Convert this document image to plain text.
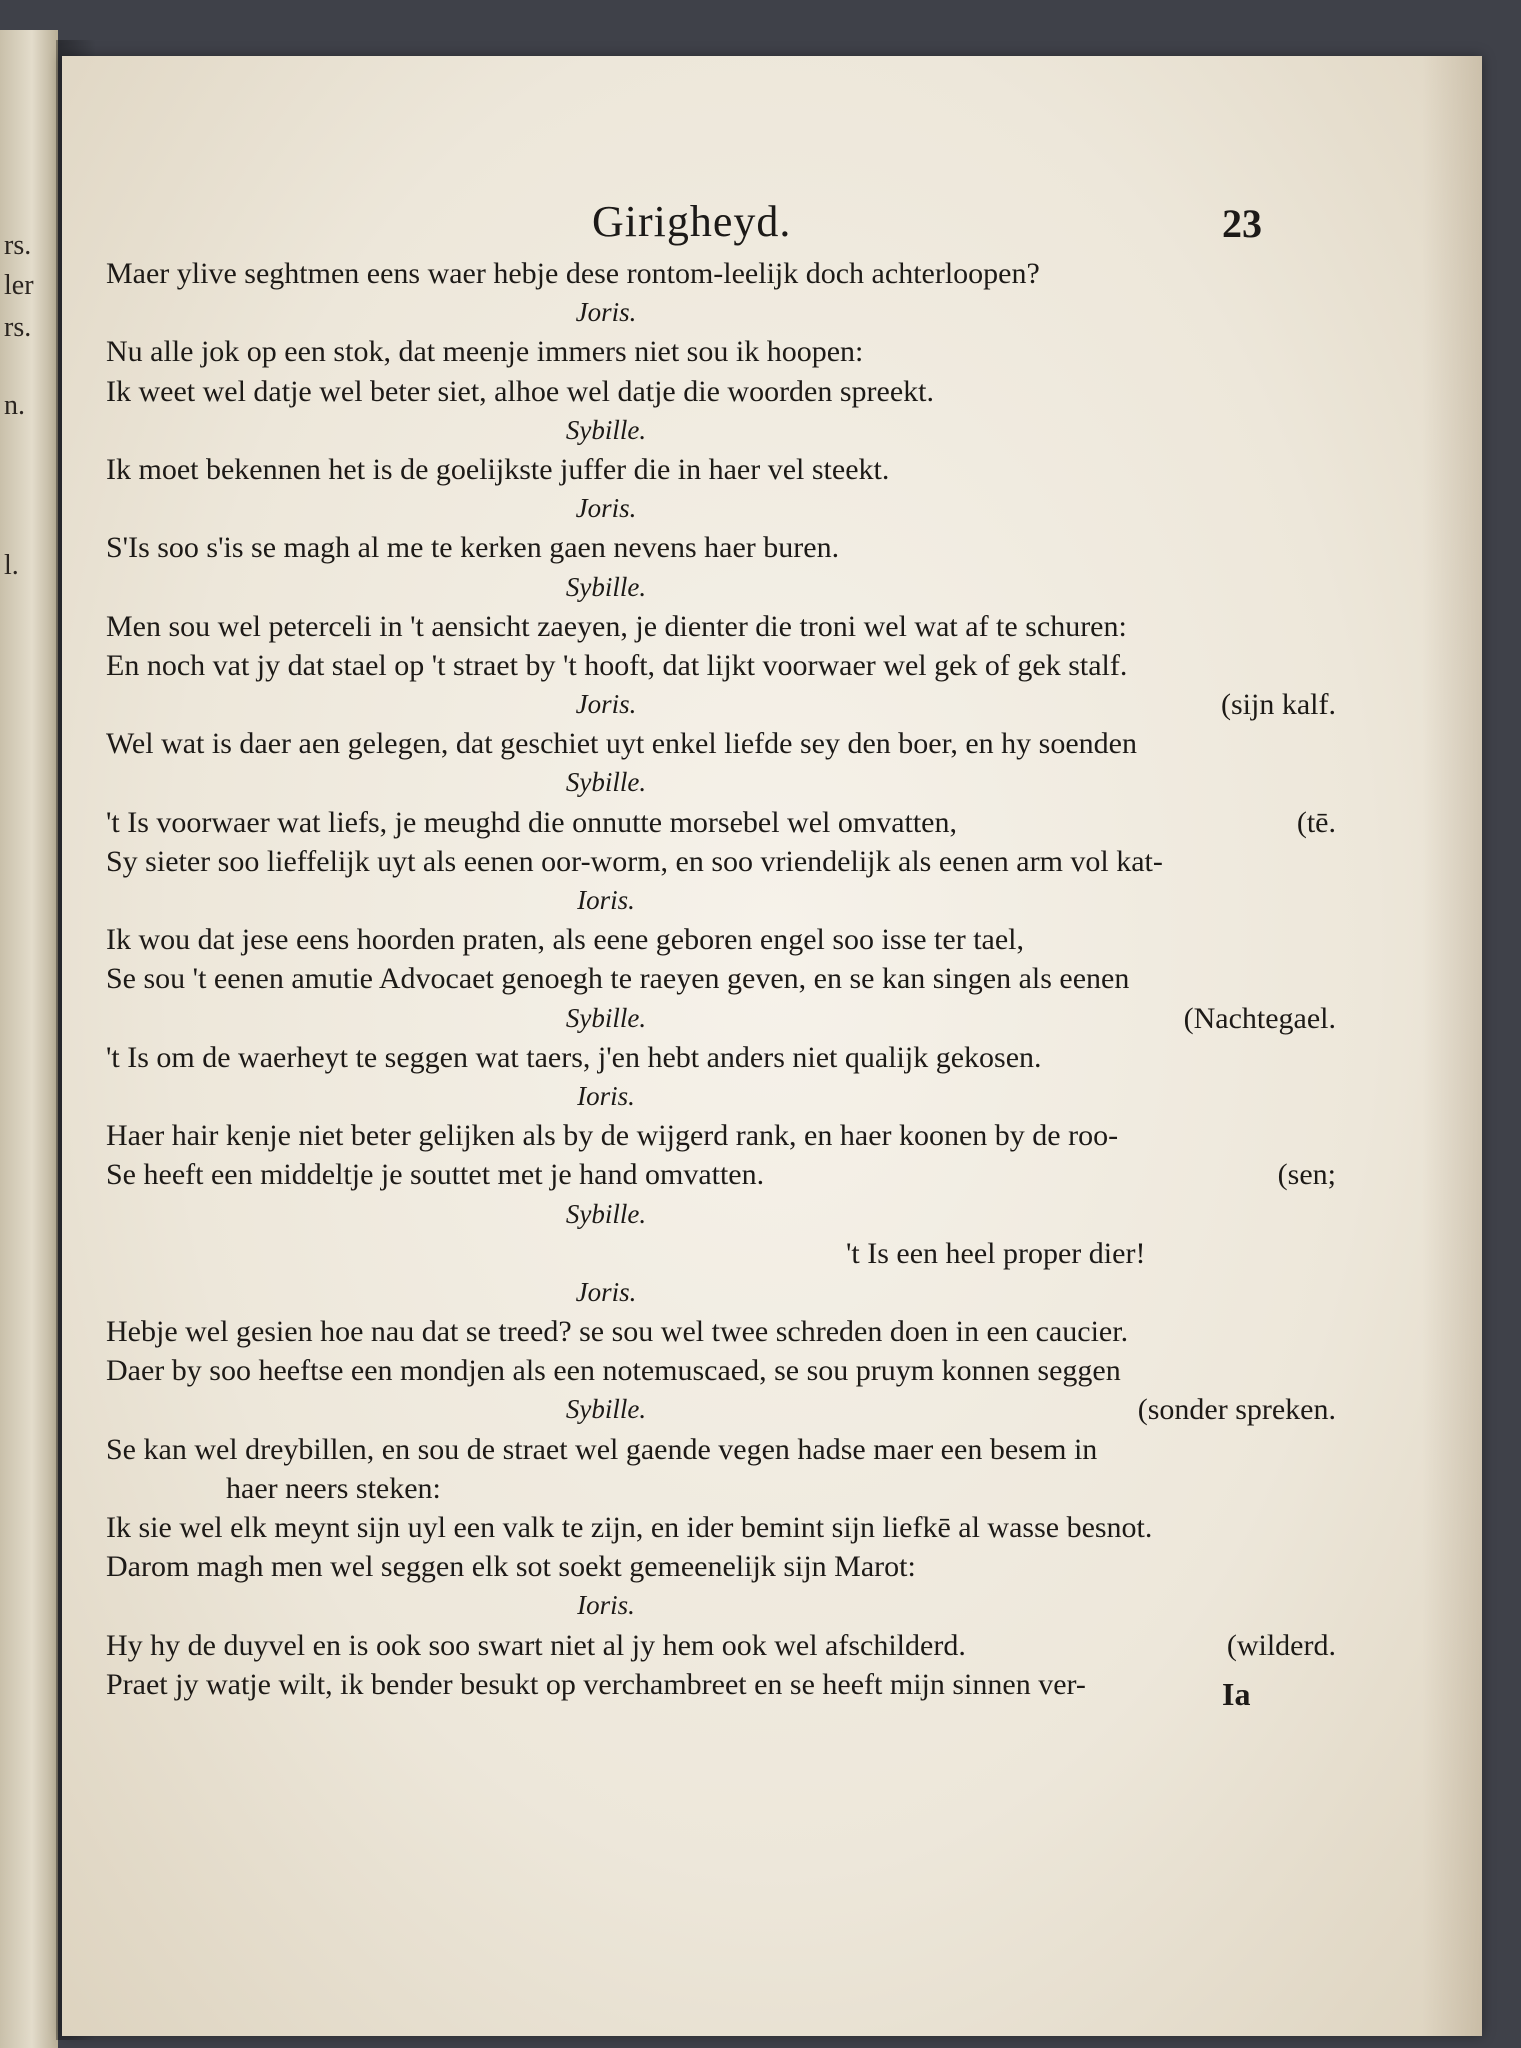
rs.
ler
rs.
n.
l.
Girigheyd.	23
Maer ylive seghtmen eens waer hebje dese rontom-leelijk doch achterloopen?
Joris.
Nu alle jok op een stok, dat meenje immers niet sou ik hoopen:
Ik weet wel datje wel beter siet, alhoe wel datje die woorden spreekt.
Sybille.
Ik moet bekennen het is de goelijkste juffer die in haer vel steekt.
Joris.
S'Is soo s'is se magh al me te kerken gaen nevens haer buren.
Sybille.
Men sou wel peterceli in 't aensicht zaeyen, je dienter die troni wel wat af te schuren:
En noch vat jy dat stael op 't straet by 't hooft, dat lijkt voorwaer wel gek of gek stalf.
Joris.	(sijn kalf.
Wel wat is daer aen gelegen, dat geschiet uyt enkel liefde sey den boer, en hy soenden
Sybille.
't Is voorwaer wat liefs, je meughd die onnutte morsebel wel omvatten,	(tē.
Sy sieter soo lieffelijk uyt als eenen oor-worm, en soo vriendelijk als eenen arm vol kat-
Ioris.
Ik wou dat jese eens hoorden praten, als eene geboren engel soo isse ter tael,
Se sou 't eenen amutie Advocaet genoegh te raeyen geven, en se kan singen als eenen
Sybille.	(Nachtegael.
't Is om de waerheyt te seggen wat taers, j'en hebt anders niet qualijk gekosen.
Ioris.
Haer hair kenje niet beter gelijken als by de wijgerd rank, en haer koonen by de roo-
Se heeft een middeltje je souttet met je hand omvatten.	(sen;
Sybille.
't Is een heel proper dier!
Joris.
Hebje wel gesien hoe nau dat se treed? se sou wel twee schreden doen in een caucier.
Daer by soo heeftse een mondjen als een notemuscaed, se sou pruym konnen seggen
Sybille.	(sonder spreken.
Se kan wel dreybillen, en sou de straet wel gaende vegen hadse maer een besem in
haer neers steken:
Ik sie wel elk meynt sijn uyl een valk te zijn, en ider bemint sijn liefkē al wasse besnot.
Darom magh men wel seggen elk sot soekt gemeenelijk sijn Marot:
Ioris.
Hy hy de duyvel en is ook soo swart niet al jy hem ook wel afschilderd.	(wilderd.
Praet jy watje wilt, ik bender besukt op verchambreet en se heeft mijn sinnen ver-	Ia
